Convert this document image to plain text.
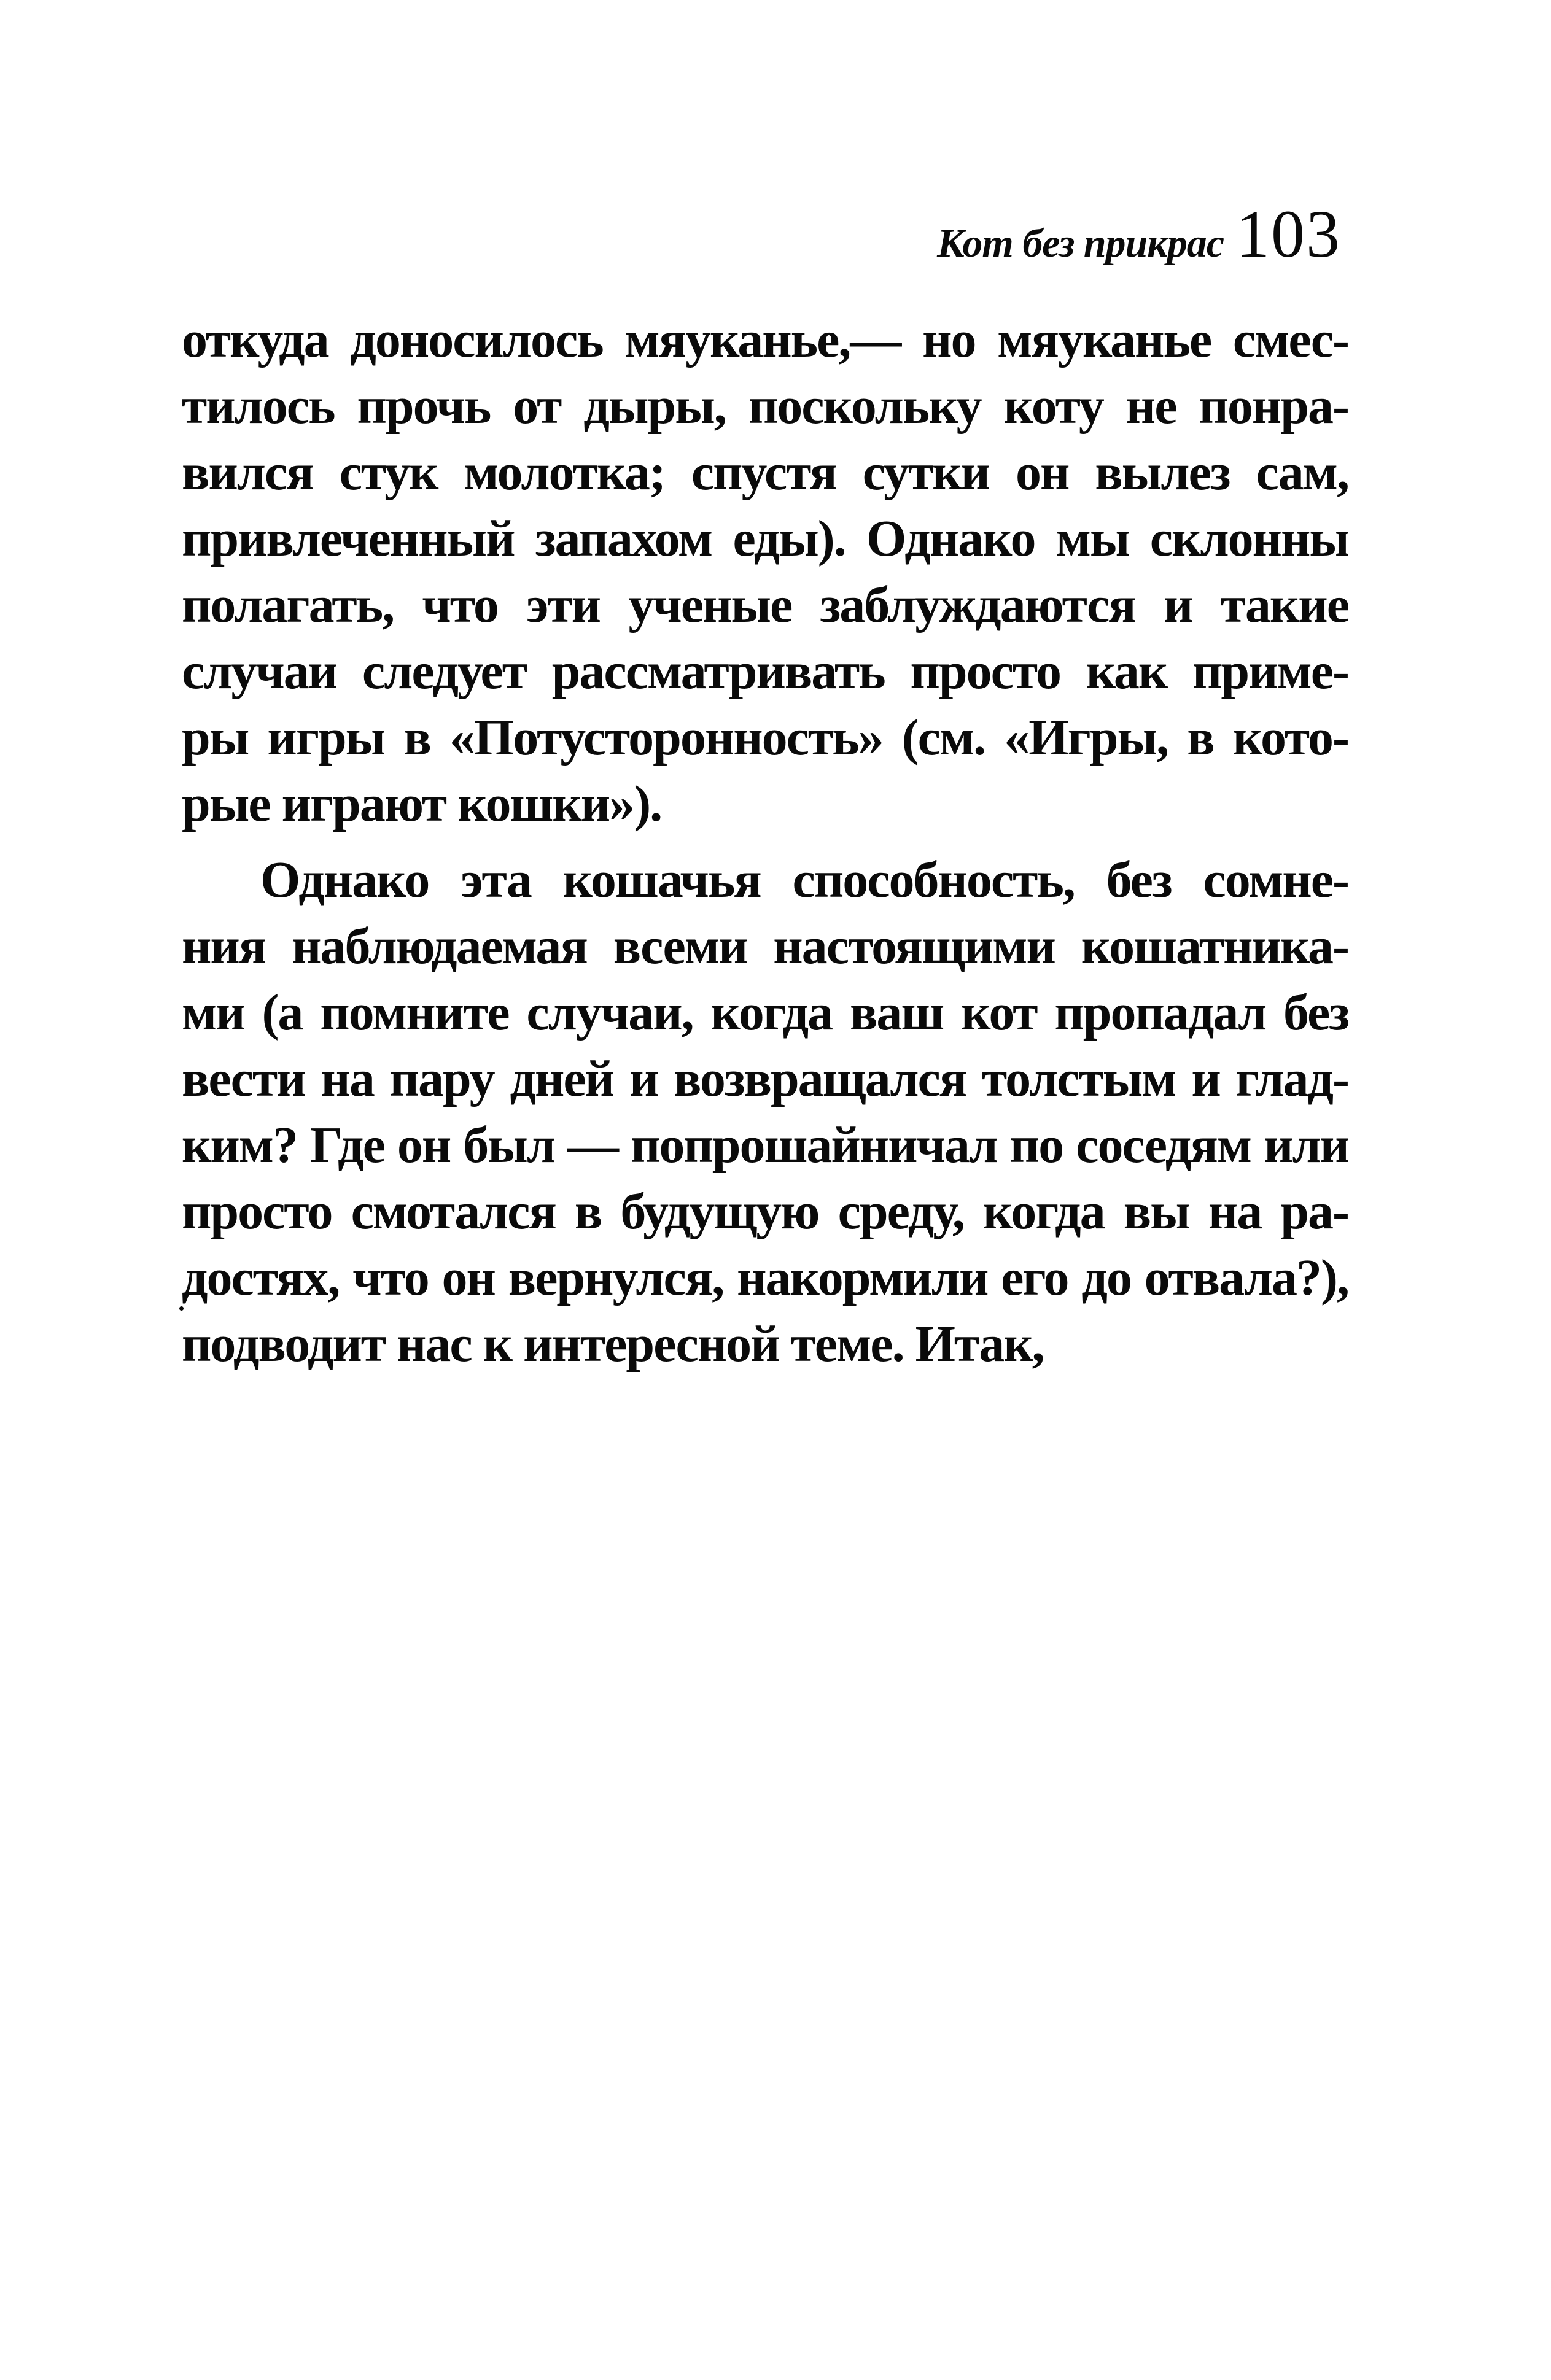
Кот без прикрас 103
откуда доносилось мяуканье,— но мяуканье смес-
тилось прочь от дыры, поскольку коту не понра-
вился стук молотка; спустя сутки он вылез сам,
привлеченный запахом еды). Однако мы склонны
полагать, что эти ученые заблуждаются и такие
случаи следует рассматривать просто как приме-
ры игры в «Потусторонность» (см. «Игры, в кото-
рые играют кошки»).
Однако эта кошачья способность, без сомне-
ния наблюдаемая всеми настоящими кошатника-
ми (а помните случаи, когда ваш кот пропадал без
вести на пару дней и возвращался толстым и глад-
ким? Где он был — попрошайничал по соседям или
просто смотался в будущую среду, когда вы на ра-
достях, что он вернулся, накормили его до отвала?),
подводит нас к интересной теме. Итак,
